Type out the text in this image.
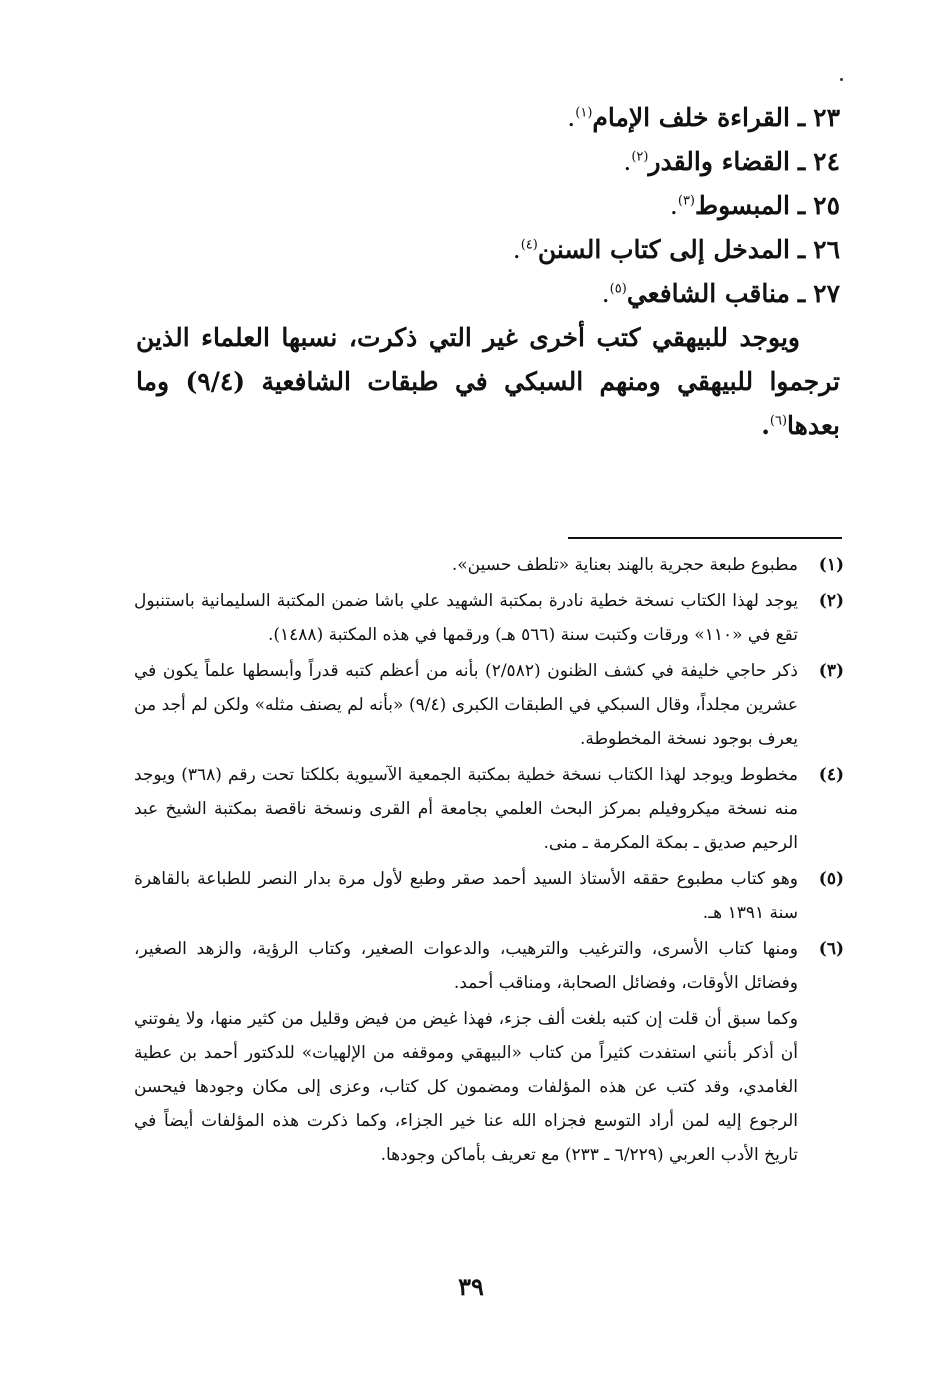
٢٣ ـ القراءة خلف الإمام$^{(١)}$.
٢٤ ـ القضاء والقدر$^{(٢)}$.
٢٥ ـ المبسوط$^{(٣)}$.
٢٦ ـ المدخل إلى كتاب السنن$^{(٤)}$.
٢٧ ـ مناقب الشافعي$^{(٥)}$.
ويوجد للبيهقي كتب أخرى غير التي ذكرت، نسبها العلماء الذين ترجموا للبيهقي ومنهم السبكي في طبقات الشافعية (٩/٤) وما بعدها$^{(٦)}$.
(١)
مطبوع طبعة حجرية بالهند بعناية «تلطف حسين».
(٢)
يوجد لهذا الكتاب نسخة خطية نادرة بمكتبة الشهيد علي باشا ضمن المكتبة السليمانية باستنبول تقع في «١١٠» ورقات وكتبت سنة (٥٦٦ هـ) ورقمها في هذه المكتبة (١٤٨٨).
(٣)
ذكر حاجي خليفة في كشف الظنون (٢/٥٨٢) بأنه من أعظم كتبه قدراً وأبسطها علماً يكون في عشرين مجلداً، وقال السبكي في الطبقات الكبرى (٩/٤) «بأنه لم يصنف مثله» ولكن لم أجد من يعرف بوجود نسخة المخطوطة.
(٤)
مخطوط ويوجد لهذا الكتاب نسخة خطية بمكتبة الجمعية الآسيوية بكلكتا تحت رقم (٣٦٨) ويوجد منه نسخة ميكروفيلم بمركز البحث العلمي بجامعة أم القرى ونسخة ناقصة بمكتبة الشيخ عبد الرحيم صديق ـ بمكة المكرمة ـ منى.
(٥)
وهو كتاب مطبوع حققه الأستاذ السيد أحمد صقر وطبع لأول مرة بدار النصر للطباعة بالقاهرة سنة ١٣٩١ هـ.
(٦)
ومنها كتاب الأسرى، والترغيب والترهيب، والدعوات الصغير، وكتاب الرؤية، والزهد الصغير، وفضائل الأوقات، وفضائل الصحابة، ومناقب أحمد.
وكما سبق أن قلت إن كتبه بلغت ألف جزء، فهذا غيض من فيض وقليل من كثير منها، ولا يفوتني أن أذكر بأنني استفدت كثيراً من كتاب «البيهقي وموقفه من الإلهيات» للدكتور أحمد بن عطية الغامدي، وقد كتب عن هذه المؤلفات ومضمون كل كتاب، وعزى إلى مكان وجودها فيحسن الرجوع إليه لمن أراد التوسع فجزاه الله عنا خير الجزاء، وكما ذكرت هذه المؤلفات أيضاً في تاريخ الأدب العربي (٦/٢٢٩ ـ ٢٣٣) مع تعريف بأماكن وجودها.
٣٩
